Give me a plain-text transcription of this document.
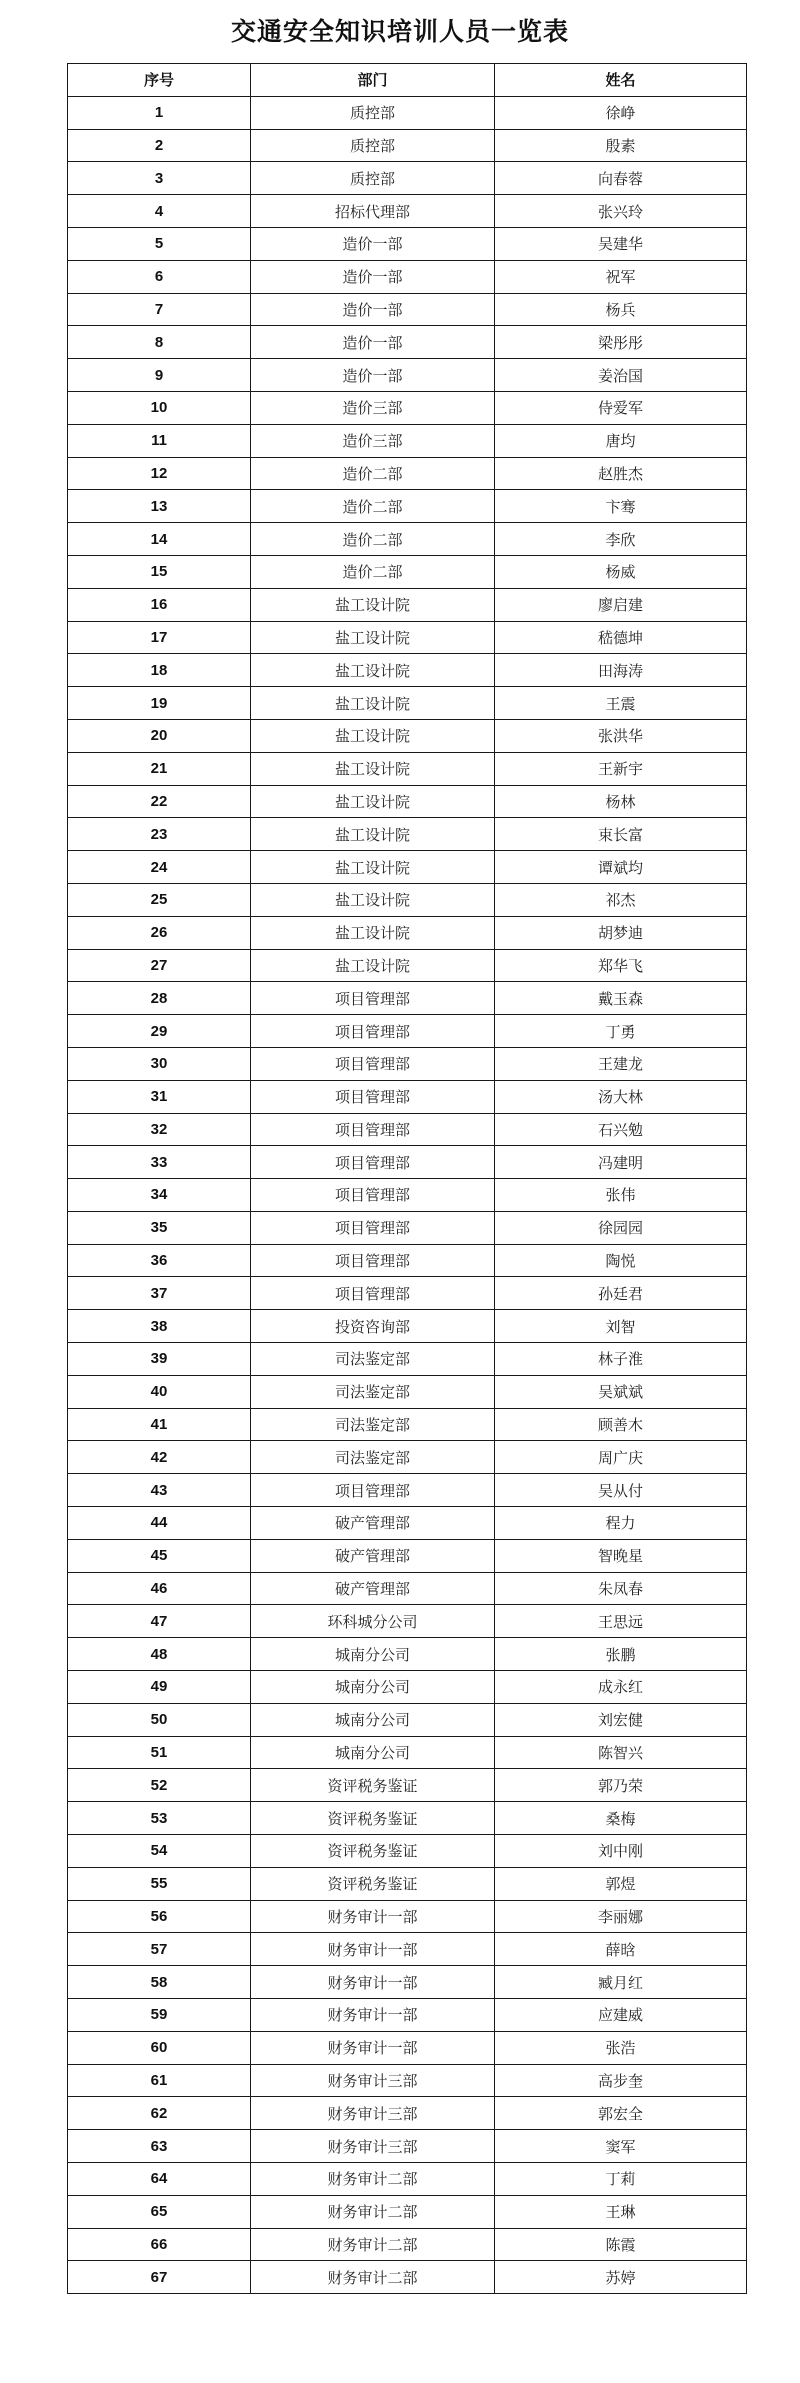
交通安全知识培训人员一览表
序号	部门	姓名
1	质控部	徐峥
2	质控部	殷素
3	质控部	向春蓉
4	招标代理部	张兴玲
5	造价一部	吴建华
6	造价一部	祝军
7	造价一部	杨兵
8	造价一部	梁彤彤
9	造价一部	姜治国
10	造价三部	侍爱军
11	造价三部	唐均
12	造价二部	赵胜杰
13	造价二部	卞骞
14	造价二部	李欣
15	造价二部	杨威
16	盐工设计院	廖启建
17	盐工设计院	嵇德坤
18	盐工设计院	田海涛
19	盐工设计院	王震
20	盐工设计院	张洪华
21	盐工设计院	王新宇
22	盐工设计院	杨林
23	盐工设计院	束长富
24	盐工设计院	谭斌均
25	盐工设计院	祁杰
26	盐工设计院	胡梦迪
27	盐工设计院	郑华飞
28	项目管理部	戴玉森
29	项目管理部	丁勇
30	项目管理部	王建龙
31	项目管理部	汤大林
32	项目管理部	石兴勉
33	项目管理部	冯建明
34	项目管理部	张伟
35	项目管理部	徐园园
36	项目管理部	陶悦
37	项目管理部	孙廷君
38	投资咨询部	刘智
39	司法鉴定部	林子淮
40	司法鉴定部	吴斌斌
41	司法鉴定部	顾善木
42	司法鉴定部	周广庆
43	项目管理部	吴从付
44	破产管理部	程力
45	破产管理部	智晚星
46	破产管理部	朱凤春
47	环科城分公司	王思远
48	城南分公司	张鹏
49	城南分公司	成永红
50	城南分公司	刘宏健
51	城南分公司	陈智兴
52	资评税务鉴证	郭乃荣
53	资评税务鉴证	桑梅
54	资评税务鉴证	刘中刚
55	资评税务鉴证	郭煜
56	财务审计一部	李丽娜
57	财务审计一部	薛晗
58	财务审计一部	臧月红
59	财务审计一部	应建威
60	财务审计一部	张浩
61	财务审计三部	高步奎
62	财务审计三部	郭宏全
63	财务审计三部	窦军
64	财务审计二部	丁莉
65	财务审计二部	王琳
66	财务审计二部	陈霞
67	财务审计二部	苏婷
